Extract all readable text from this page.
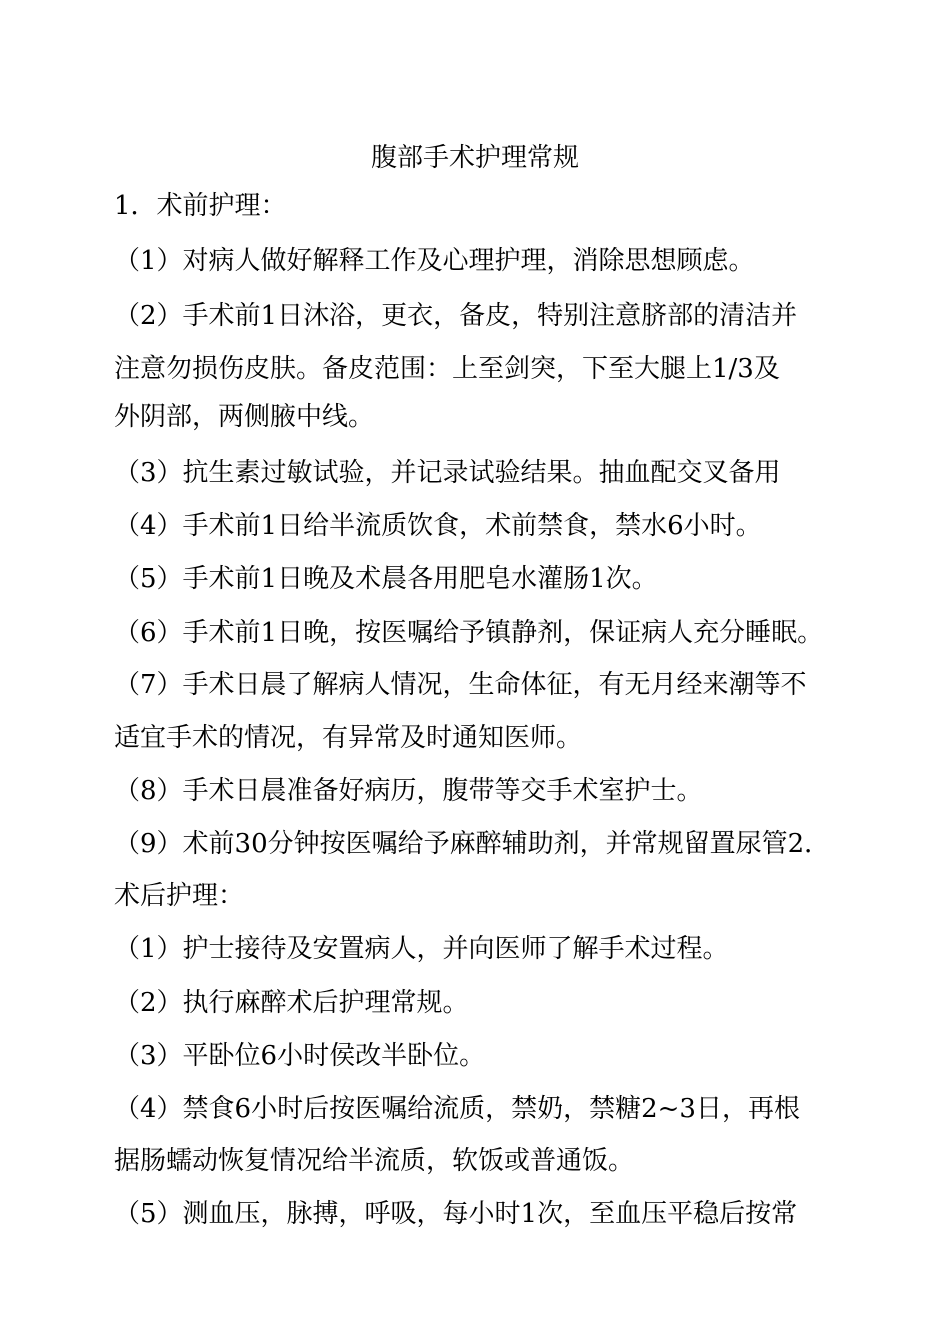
腹部手术护理常规
1．术前护理：
（1）对病人做好解释工作及心理护理，消除思想顾虑。
（2）手术前1日沐浴，更衣，备皮，特别注意脐部的清洁并
注意勿损伤皮肤。备皮范围：上至剑突，下至大腿上1/3及
外阴部，两侧腋中线。
（3）抗生素过敏试验，并记录试验结果。抽血配交叉备用
（4）手术前1日给半流质饮食，术前禁食，禁水6小时。
（5）手术前1日晚及术晨各用肥皂水灌肠1次。
（6）手术前1日晚，按医嘱给予镇静剂，保证病人充分睡眠。
（7）手术日晨了解病人情况，生命体征，有无月经来潮等不
适宜手术的情况，有异常及时通知医师。
（8）手术日晨准备好病历，腹带等交手术室护士。
（9）术前30分钟按医嘱给予麻醉辅助剂，并常规留置尿管2．
术后护理：
（1）护士接待及安置病人，并向医师了解手术过程。
（2）执行麻醉术后护理常规。
（3）平卧位6小时侯改半卧位。
（4）禁食6小时后按医嘱给流质，禁奶，禁糖2~3日，再根
据肠蠕动恢复情况给半流质，软饭或普通饭。
（5）测血压，脉搏，呼吸，每小时1次，至血压平稳后按常
